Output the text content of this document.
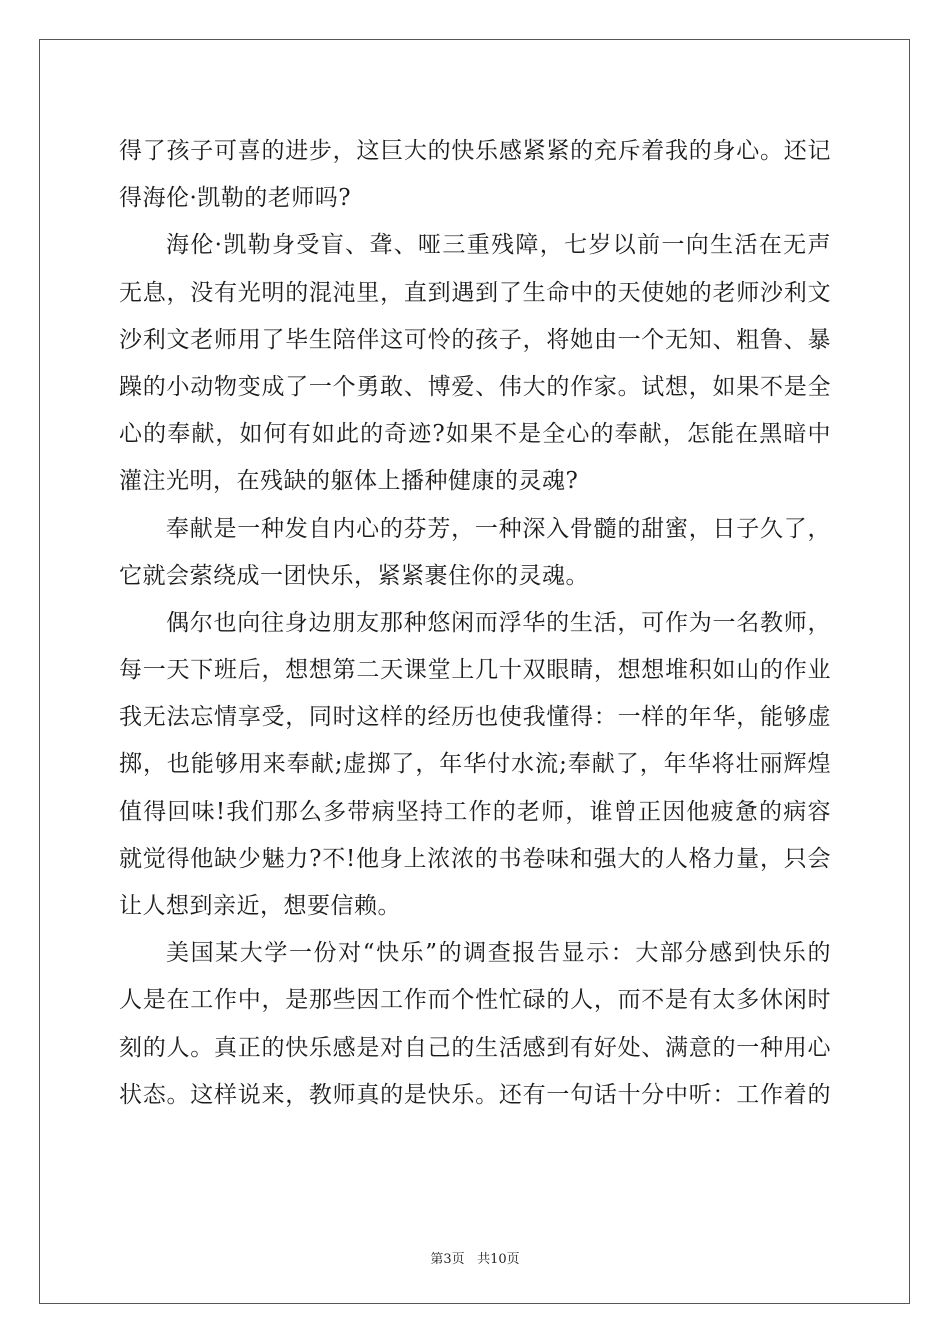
得了孩子可喜的进步，这巨大的快乐感紧紧的充斥着我的身心。还记
得海伦·凯勒的老师吗?
海伦·凯勒身受盲、聋、哑三重残障，七岁以前一向生活在无声
无息，没有光明的混沌里，直到遇到了生命中的天使她的老师沙利文
沙利文老师用了毕生陪伴这可怜的孩子，将她由一个无知、粗鲁、暴
躁的小动物变成了一个勇敢、博爱、伟大的作家。试想，如果不是全
心的奉献，如何有如此的奇迹?如果不是全心的奉献，怎能在黑暗中
灌注光明，在残缺的躯体上播种健康的灵魂?
奉献是一种发自内心的芬芳，一种深入骨髓的甜蜜，日子久了，
它就会萦绕成一团快乐，紧紧裹住你的灵魂。
偶尔也向往身边朋友那种悠闲而浮华的生活，可作为一名教师，
每一天下班后，想想第二天课堂上几十双眼睛，想想堆积如山的作业
我无法忘情享受，同时这样的经历也使我懂得：一样的年华，能够虚
掷，也能够用来奉献;虚掷了，年华付水流;奉献了，年华将壮丽辉煌
值得回味!我们那么多带病坚持工作的老师，谁曾正因他疲惫的病容
就觉得他缺少魅力?不!他身上浓浓的书卷味和强大的人格力量，只会
让人想到亲近，想要信赖。
美国某大学一份对“快乐”的调查报告显示：大部分感到快乐的
人是在工作中，是那些因工作而个性忙碌的人，而不是有太多休闲时
刻的人。真正的快乐感是对自己的生活感到有好处、满意的一种用心
状态。这样说来，教师真的是快乐。还有一句话十分中听：工作着的
第3页 共10页
